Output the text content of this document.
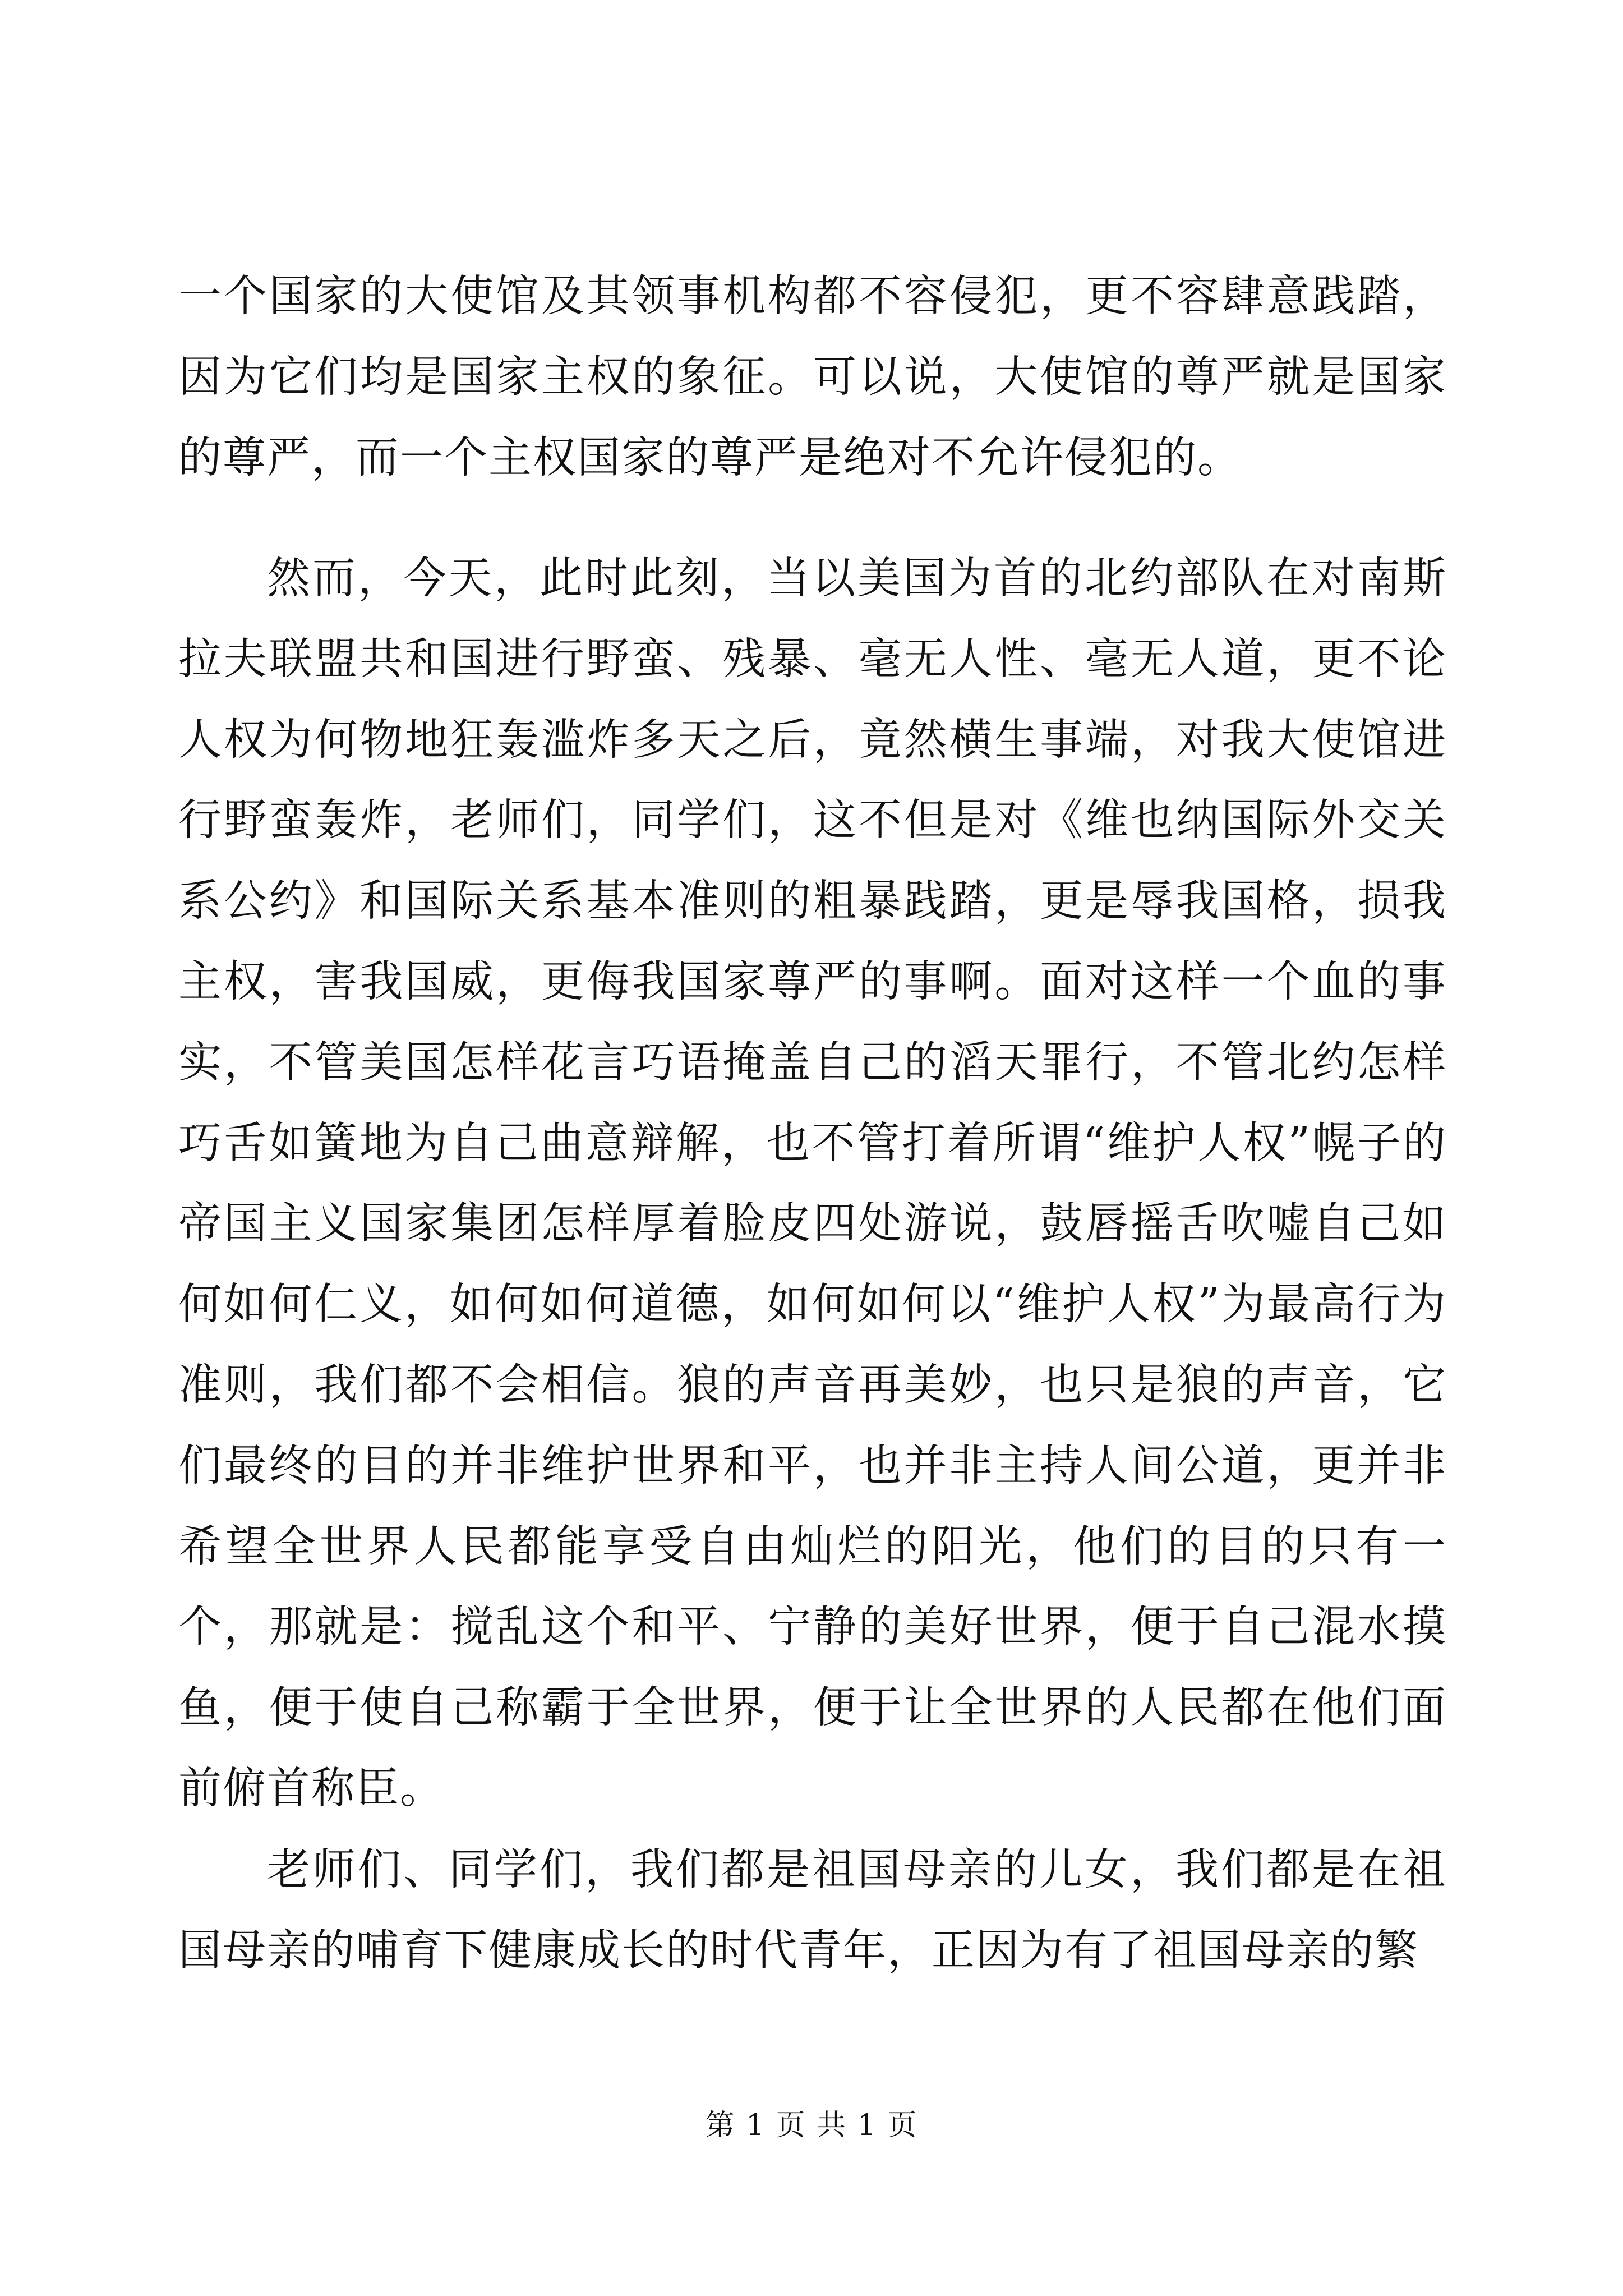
一个国家的大使馆及其领事机构都不容侵犯，更不容肆意践踏，因为它们均是国家主权的象征。可以说，大使馆的尊严就是国家的尊严，而一个主权国家的尊严是绝对不允许侵犯的。

然而，今天，此时此刻，当以美国为首的北约部队在对南斯拉夫联盟共和国进行野蛮、残暴、毫无人性、毫无人道，更不论人权为何物地狂轰滥炸多天之后，竟然横生事端，对我大使馆进行野蛮轰炸，老师们，同学们，这不但是对《维也纳国际外交关系公约》和国际关系基本准则的粗暴践踏，更是辱我国格，损我主权，害我国威，更侮我国家尊严的事啊。面对这样一个血的事实，不管美国怎样花言巧语掩盖自己的滔天罪行，不管北约怎样巧舌如簧地为自己曲意辩解，也不管打着所谓“维护人权”幌子的帝国主义国家集团怎样厚着脸皮四处游说，鼓唇摇舌吹嘘自己如何如何仁义，如何如何道德，如何如何以“维护人权”为最高行为准则，我们都不会相信。狼的声音再美妙，也只是狼的声音，它们最终的目的并非维护世界和平，也并非主持人间公道，更并非希望全世界人民都能享受自由灿烂的阳光，他们的目的只有一个，那就是：搅乱这个和平、宁静的美好世界，便于自己混水摸鱼，便于使自己称霸于全世界，便于让全世界的人民都在他们面前俯首称臣。

老师们、同学们，我们都是祖国母亲的儿女，我们都是在祖国母亲的哺育下健康成长的时代青年，正因为有了祖国母亲的繁

第 1 页 共 1 页
